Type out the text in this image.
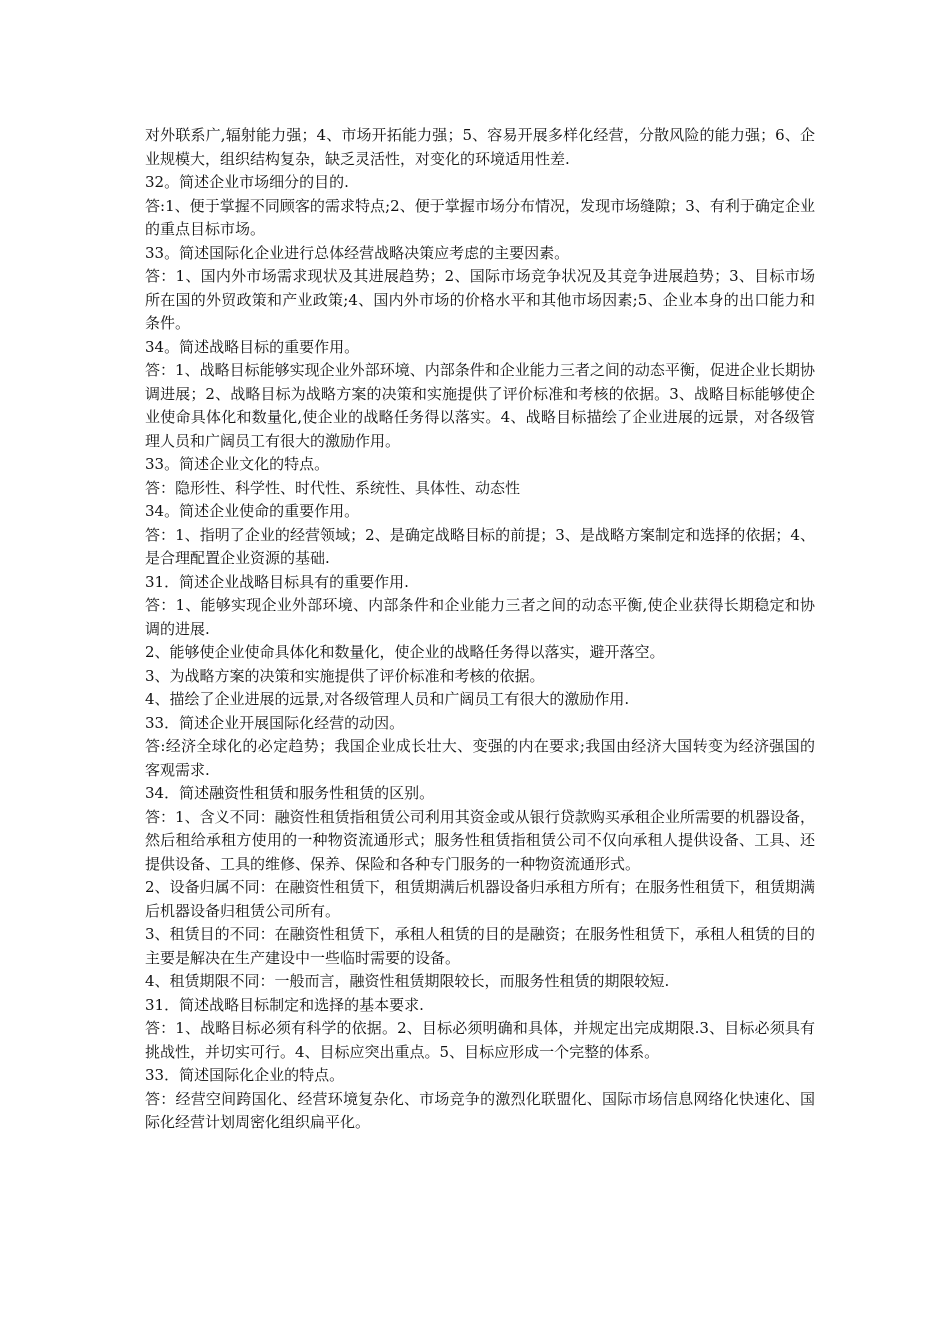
对外联系广,辐射能力强；4、市场开拓能力强；5、容易开展多样化经营，分散风险的能力强；6、企业规模大，组织结构复杂，缺乏灵活性，对变化的环境适用性差.

32。简述企业市场细分的目的.

答:1、便于掌握不同顾客的需求特点;2、便于掌握市场分布情况，发现市场缝隙；3、有利于确定企业的重点目标市场。

33。简述国际化企业进行总体经营战略决策应考虑的主要因素。

答：1、国内外市场需求现状及其进展趋势；2、国际市场竞争状况及其竞争进展趋势；3、目标市场所在国的外贸政策和产业政策;4、国内外市场的价格水平和其他市场因素;5、企业本身的出口能力和条件。

34。简述战略目标的重要作用。

答：1、战略目标能够实现企业外部环境、内部条件和企业能力三者之间的动态平衡，促进企业长期协调进展；2、战略目标为战略方案的决策和实施提供了评价标准和考核的依据。3、战略目标能够使企业使命具体化和数量化,使企业的战略任务得以落实。4、战略目标描绘了企业进展的远景，对各级管理人员和广阔员工有很大的激励作用。

33。简述企业文化的特点。

答：隐形性、科学性、时代性、系统性、具体性、动态性

34。简述企业使命的重要作用。

答：1、指明了企业的经营领域；2、是确定战略目标的前提；3、是战略方案制定和选择的依据；4、是合理配置企业资源的基础.

31．简述企业战略目标具有的重要作用.

答：1、能够实现企业外部环境、内部条件和企业能力三者之间的动态平衡,使企业获得长期稳定和协调的进展.

2、能够使企业使命具体化和数量化，使企业的战略任务得以落实，避开落空。

3、为战略方案的决策和实施提供了评价标准和考核的依据。

4、描绘了企业进展的远景,对各级管理人员和广阔员工有很大的激励作用.

33．简述企业开展国际化经营的动因。

答:经济全球化的必定趋势；我国企业成长壮大、变强的内在要求;我国由经济大国转变为经济强国的客观需求.

34．简述融资性租赁和服务性租赁的区别。

答：1、含义不同：融资性租赁指租赁公司利用其资金或从银行贷款购买承租企业所需要的机器设备，然后租给承租方使用的一种物资流通形式；服务性租赁指租赁公司不仅向承租人提供设备、工具、还提供设备、工具的维修、保养、保险和各种专门服务的一种物资流通形式。

2、设备归属不同：在融资性租赁下，租赁期满后机器设备归承租方所有；在服务性租赁下，租赁期满后机器设备归租赁公司所有。

3、租赁目的不同：在融资性租赁下，承租人租赁的目的是融资；在服务性租赁下，承租人租赁的目的主要是解决在生产建设中一些临时需要的设备。

4、租赁期限不同：一般而言，融资性租赁期限较长，而服务性租赁的期限较短.

31．简述战略目标制定和选择的基本要求.

答：1、战略目标必须有科学的依据。2、目标必须明确和具体，并规定出完成期限.3、目标必须具有挑战性，并切实可行。4、目标应突出重点。5、目标应形成一个完整的体系。

33．简述国际化企业的特点。

答：经营空间跨国化、经营环境复杂化、市场竞争的激烈化联盟化、国际市场信息网络化快速化、国际化经营计划周密化组织扁平化。
